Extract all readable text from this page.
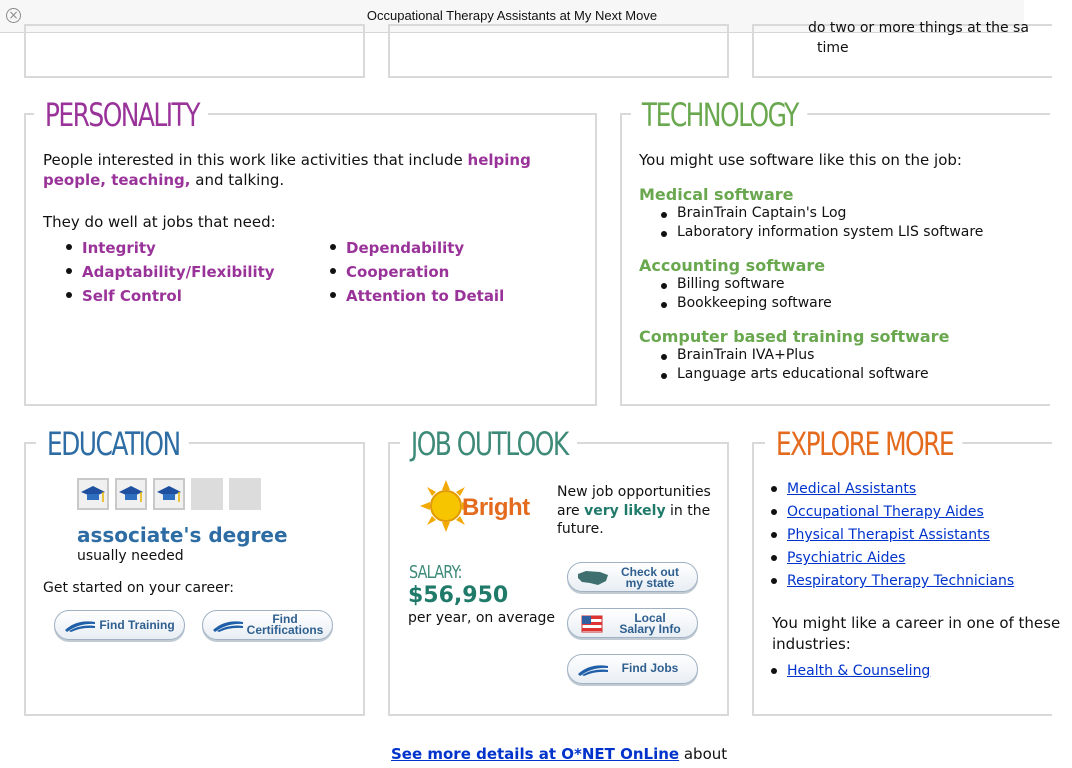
×	Occupational Therapy Assistants at My Next Move
do two or more things at the sa
time
PERSONALITY
People interested in this work like activities that include helping people, teaching, and talking.
They do well at jobs that need:
Integrity
Adaptability/Flexibility
Self Control
Dependability
Cooperation
Attention to Detail
TECHNOLOGY
You might use software like this on the job:
Medical software
BrainTrain Captain's Log
Laboratory information system LIS software
Accounting software
Billing software
Bookkeeping software
Computer based training software
BrainTrain IVA+Plus
Language arts educational software
EDUCATION
associate's degree
usually needed
Get started on your career:
Find Training	Find
Certifications
JOB OUTLOOK
Bright
New job opportunities are very likely in the future.
SALARY:
$56,950
per year, on average
Check out
my state
Local
Salary Info
Find Jobs
EXPLORE MORE
Medical Assistants
Occupational Therapy Aides
Physical Therapist Assistants
Psychiatric Aides
Respiratory Therapy Technicians
You might like a career in one of these industries:
Health & Counseling
See more details at O*NET OnLine about
